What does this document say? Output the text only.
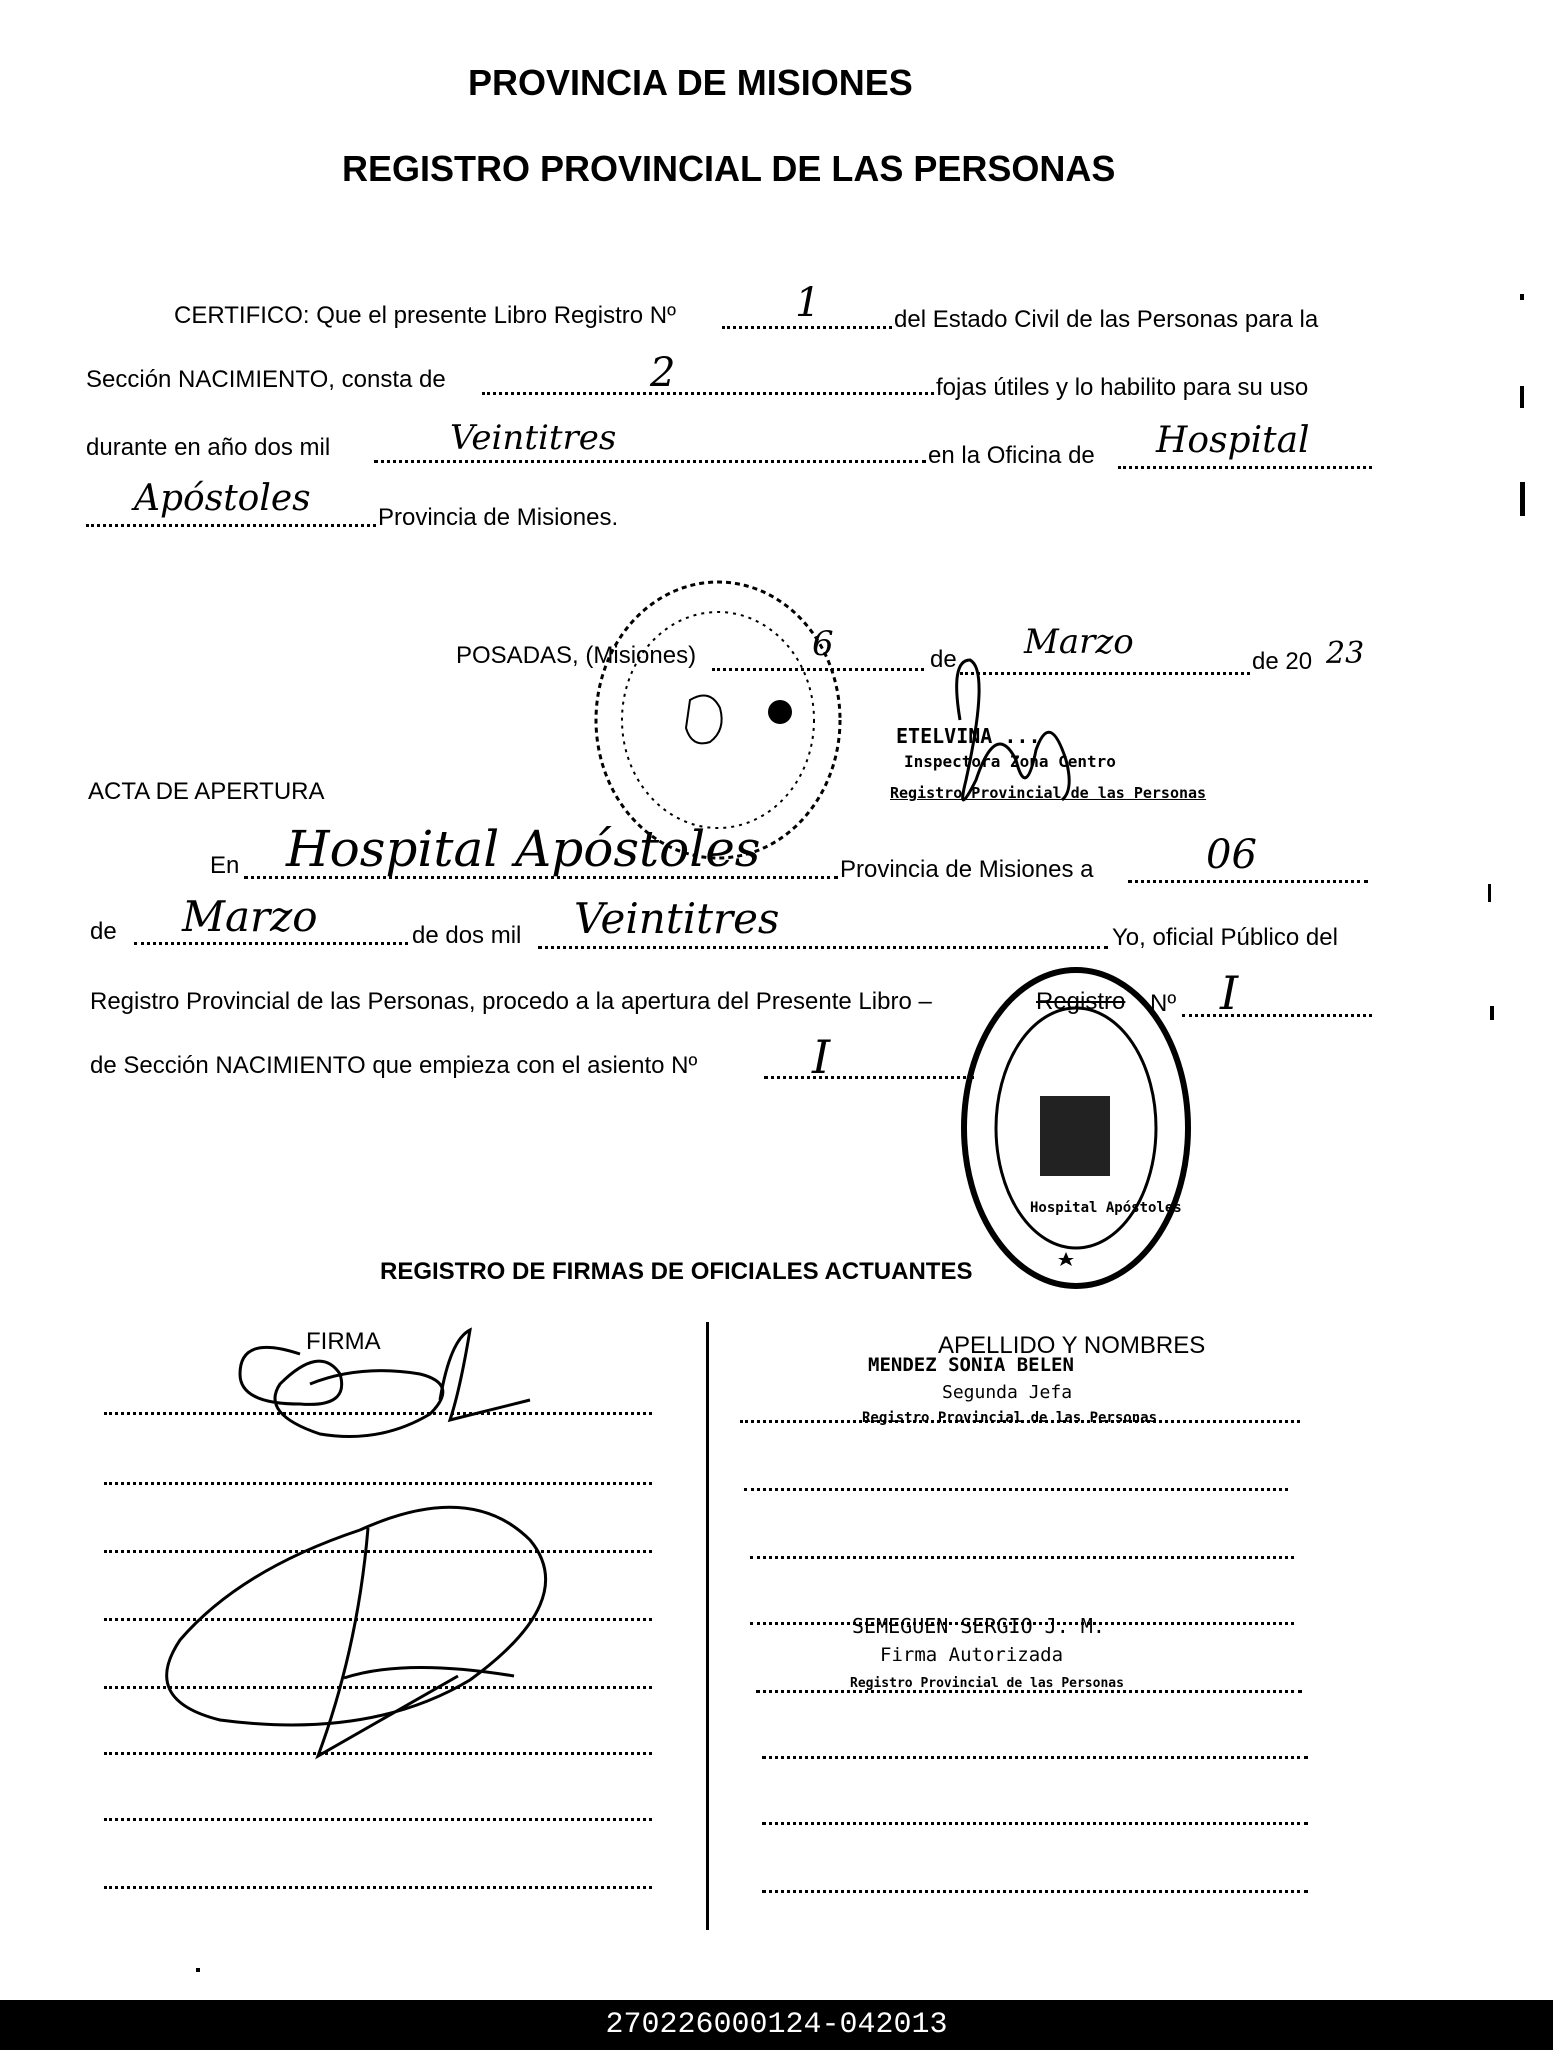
PROVINCIA DE MISIONES
REGISTRO PROVINCIAL DE LAS PERSONAS
CERTIFICO: Que el presente Libro Registro Nº	1	del Estado Civil de las Personas para la
Sección NACIMIENTO, consta de	2	fojas útiles y lo habilito para su uso
durante en año dos mil	Veintitres	en la Oficina de Hospital
Apóstoles	Provincia de Misiones.
POSADAS, (Misiones)	6	de Marzo	de 20 23
ETELVINA ...
Inspectora Zona Centro
Registro Provincial de las Personas
ACTA DE APERTURA
En Hospital Apóstoles	Provincia de Misiones a	06
de Marzo	de dos mil Veintitres	Yo, oficial Público del
Registro Provincial de las Personas, procedo a la apertura del Presente Libro –	Registro Nº I
de Sección NACIMIENTO que empieza con el asiento Nº I
Hospital Apóstoles
REGISTRO DE FIRMAS DE OFICIALES ACTUANTES
FIRMA	APELLIDO Y NOMBRES
MENDEZ SONIA BELEN
Segunda Jefa
Registro Provincial de las Personas
SEMEGUEN SERGIO J. M.
Firma Autorizada
Registro Provincial de las Personas
270226000124-042013
